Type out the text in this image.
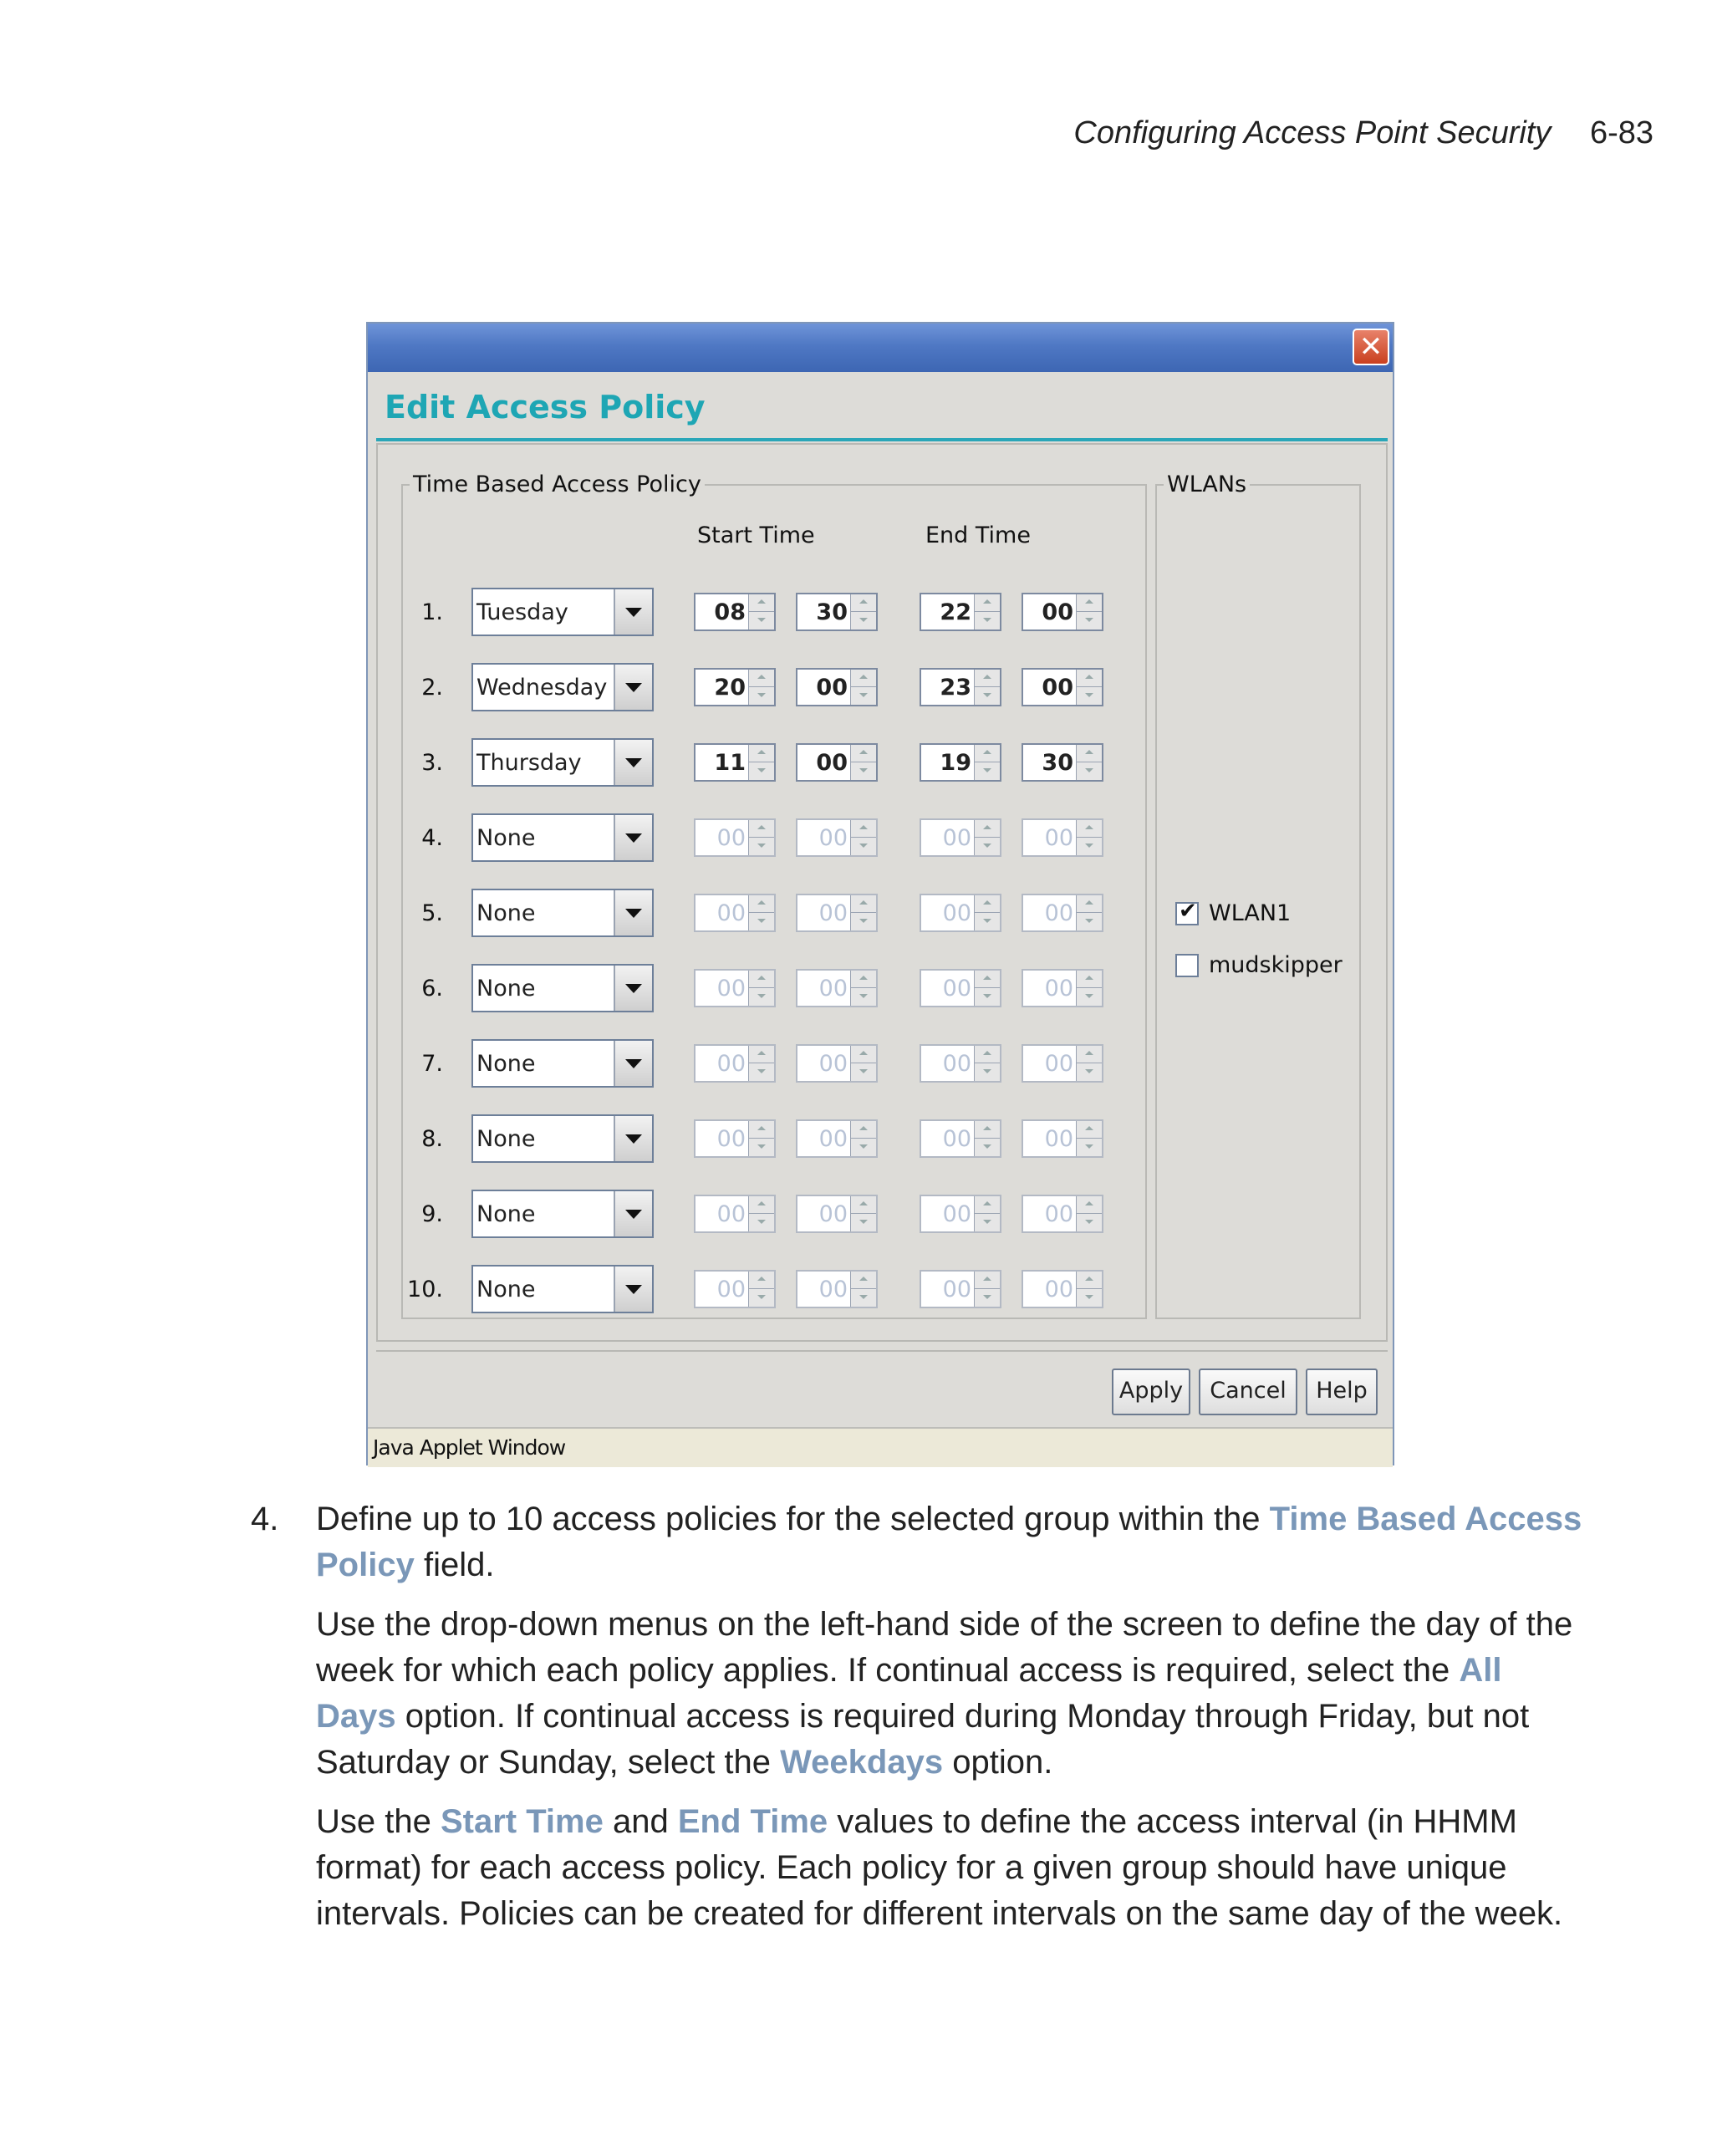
Configuring Access Point Security 6-83
✕
Edit Access Policy
Time Based Access Policy
Start Time	End Time
1. Tuesday	08	30	22	00
2. Wednesday	20	00	23	00
3. Thursday	11	00	19	30
4. None	00	00	00	00
5. None	00	00	00	00
6. None	00	00	00	00
7. None	00	00	00	00
8. None	00	00	00	00
9. None	00	00	00	00
10. None	00	00	00	00
WLANs
✔ WLAN1
mudskipper
Apply	Cancel	Help
Java Applet Window
4. Define up to 10 access policies for the selected group within the Time Based Access Policy field.

Use the drop-down menus on the left-hand side of the screen to define the day of the week for which each policy applies. If continual access is required, select the All Days option. If continual access is required during Monday through Friday, but not Saturday or Sunday, select the Weekdays option.

Use the Start Time and End Time values to define the access interval (in HHMM format) for each access policy. Each policy for a given group should have unique intervals. Policies can be created for different intervals on the same day of the week.
